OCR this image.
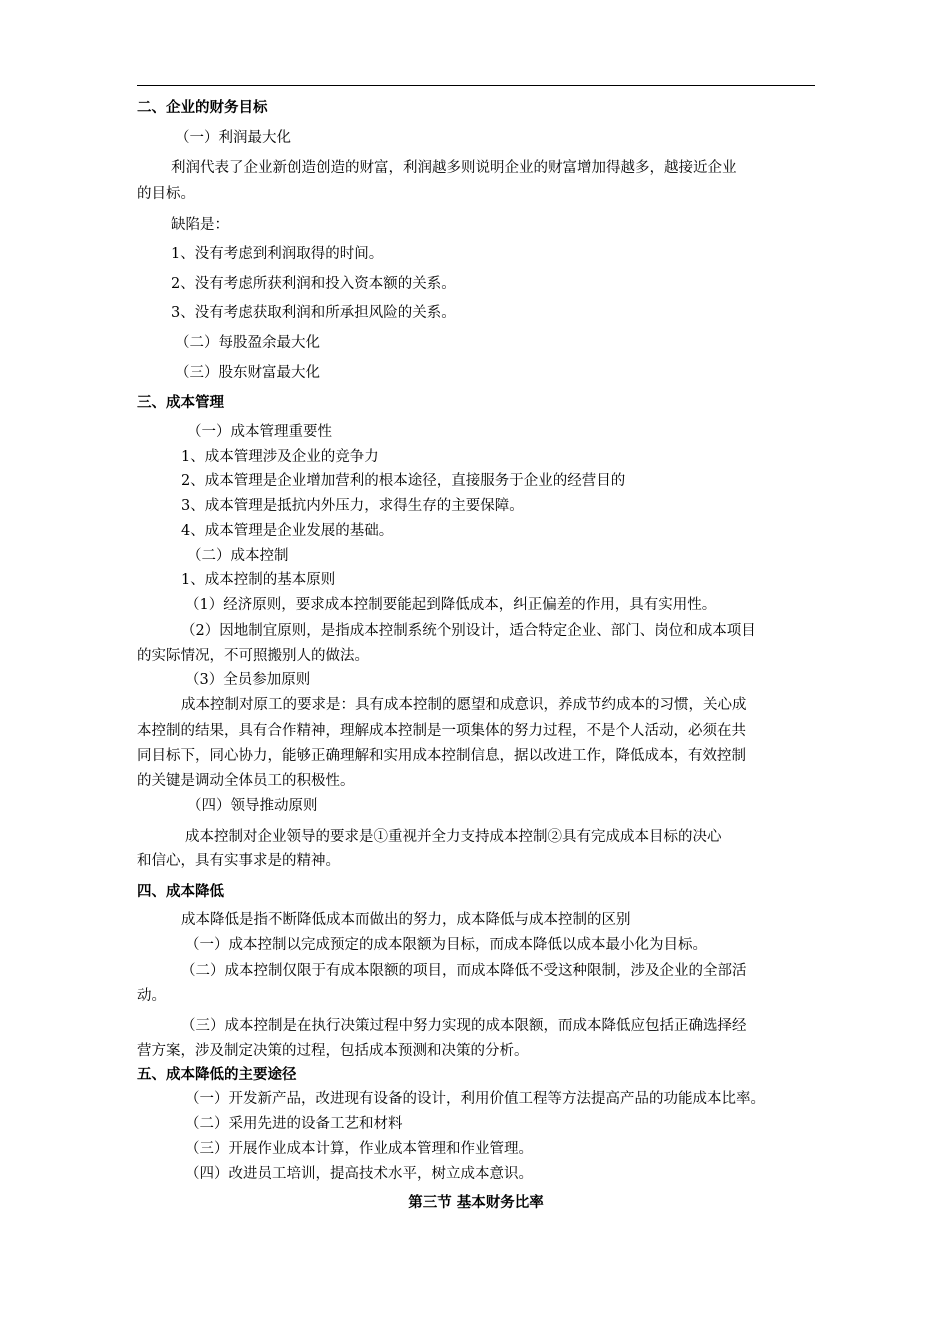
二、企业的财务目标
（一）利润最大化
利润代表了企业新创造创造的财富，利润越多则说明企业的财富增加得越多，越接近企业
的目标。
缺陷是：
1、没有考虑到利润取得的时间。
2、没有考虑所获利润和投入资本额的关系。
3、没有考虑获取利润和所承担风险的关系。
（二）每股盈余最大化
（三）股东财富最大化
三、成本管理
（一）成本管理重要性
1、成本管理涉及企业的竞争力
2、成本管理是企业增加营利的根本途径，直接服务于企业的经营目的
3、成本管理是抵抗内外压力，求得生存的主要保障。
4、成本管理是企业发展的基础。
（二）成本控制
1、成本控制的基本原则
（1）经济原则，要求成本控制要能起到降低成本，纠正偏差的作用，具有实用性。
（2）因地制宜原则，是指成本控制系统个别设计，适合特定企业、部门、岗位和成本项目
的实际情况，不可照搬别人的做法。
（3）全员参加原则
成本控制对原工的要求是：具有成本控制的愿望和成意识，养成节约成本的习惯，关心成
本控制的结果，具有合作精神，理解成本控制是一项集体的努力过程，不是个人活动，必须在共
同目标下，同心协力，能够正确理解和实用成本控制信息，据以改进工作，降低成本，有效控制
的关键是调动全体员工的积极性。
（四）领导推动原则
成本控制对企业领导的要求是①重视并全力支持成本控制②具有完成成本目标的决心
和信心，具有实事求是的精神。
四、成本降低
成本降低是指不断降低成本而做出的努力，成本降低与成本控制的区别
（一）成本控制以完成预定的成本限额为目标，而成本降低以成本最小化为目标。
（二）成本控制仅限于有成本限额的项目，而成本降低不受这种限制，涉及企业的全部活
动。
（三）成本控制是在执行决策过程中努力实现的成本限额，而成本降低应包括正确选择经
营方案，涉及制定决策的过程，包括成本预测和决策的分析。
五、成本降低的主要途径
（一）开发新产品，改进现有设备的设计，利用价值工程等方法提高产品的功能成本比率。
（二）采用先进的设备工艺和材料
（三）开展作业成本计算，作业成本管理和作业管理。
（四）改进员工培训，提高技术水平，树立成本意识。
第三节 基本财务比率
